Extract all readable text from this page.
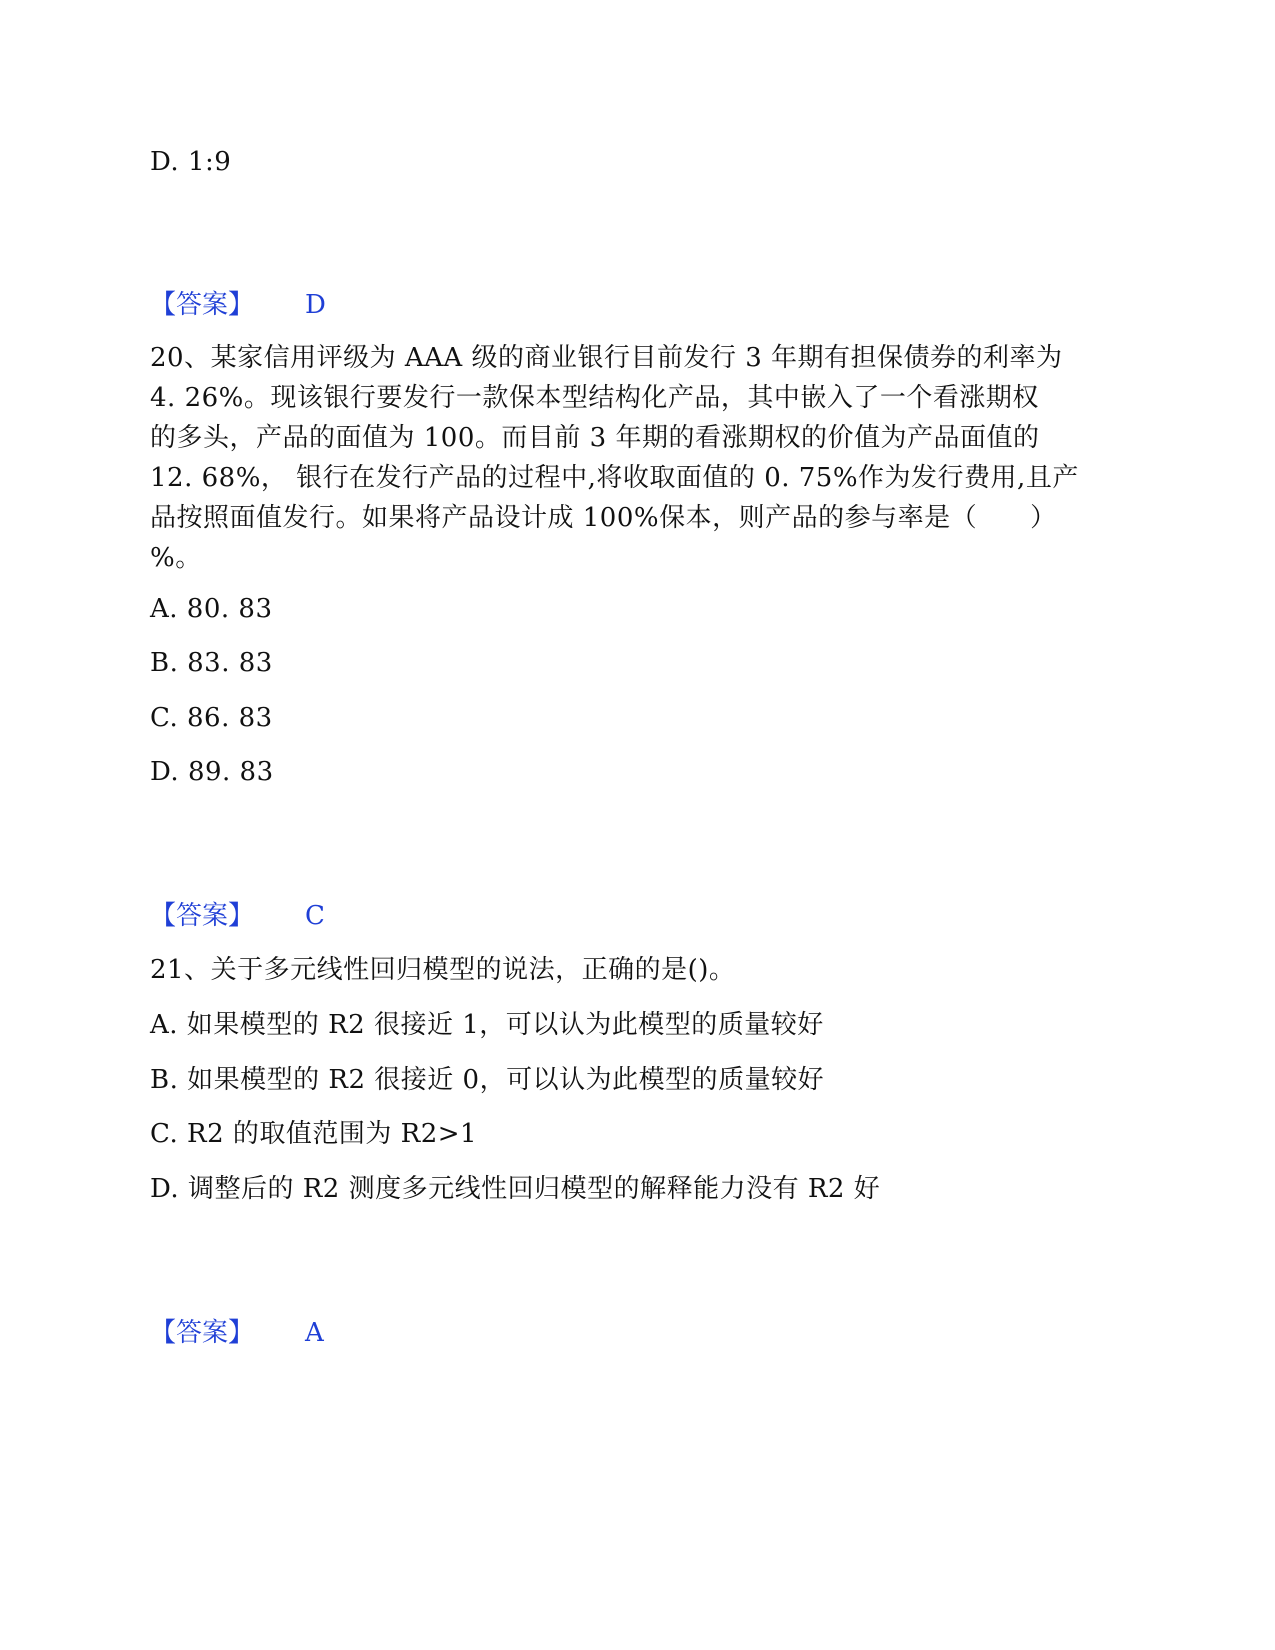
D. 1:9
【答案】 D
20、某家信用评级为 AAA 级的商业银行目前发行 3 年期有担保债券的利率为
4. 26%。现该银行要发行一款保本型结构化产品，其中嵌入了一个看涨期权
的多头，产品的面值为 100。而目前 3 年期的看涨期权的价值为产品面值的
12. 68%， 银行在发行产品的过程中,将收取面值的 0. 75%作为发行费用,且产
品按照面值发行。如果将产品设计成 100%保本，则产品的参与率是（　　）
%。
A. 80. 83
B. 83. 83
C. 86. 83
D. 89. 83
【答案】 C
21、关于多元线性回归模型的说法，正确的是()。
A. 如果模型的 R2 很接近 1，可以认为此模型的质量较好
B. 如果模型的 R2 很接近 0，可以认为此模型的质量较好
C. R2 的取值范围为 R2>1
D. 调整后的 R2 测度多元线性回归模型的解释能力没有 R2 好
【答案】 A
